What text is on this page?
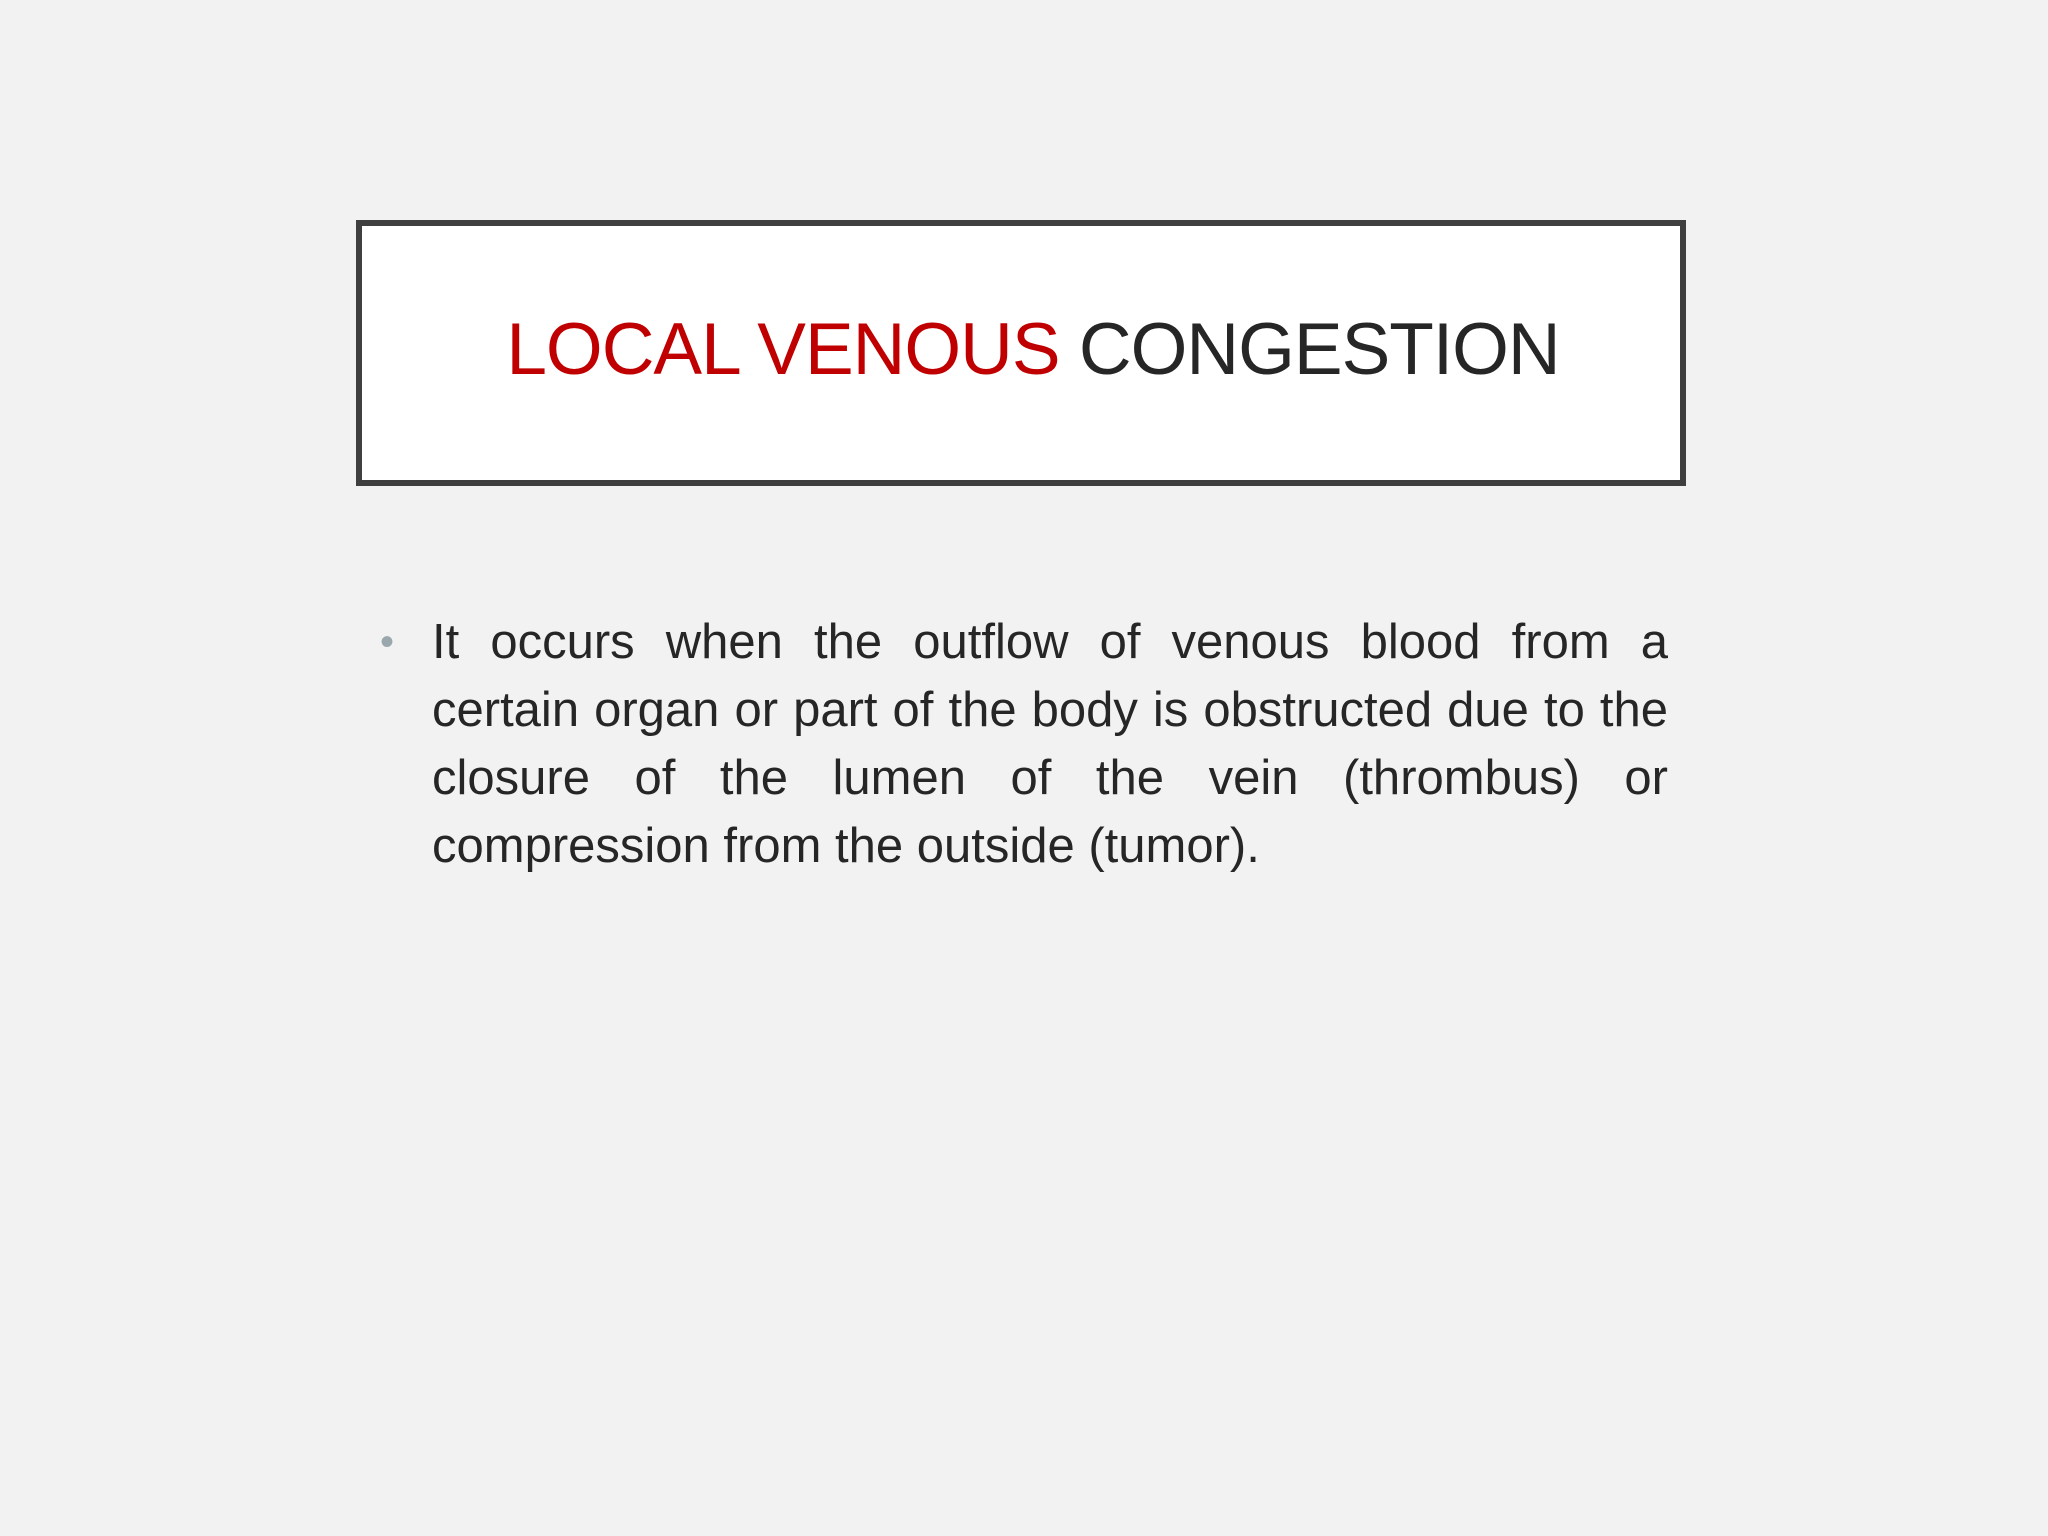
LOCAL VENOUS CONGESTION
• It occurs when the outflow of venous blood from a certain organ or part of the body is obstructed due to the closure of the lumen of the vein (thrombus) or compression from the outside (tumor).
